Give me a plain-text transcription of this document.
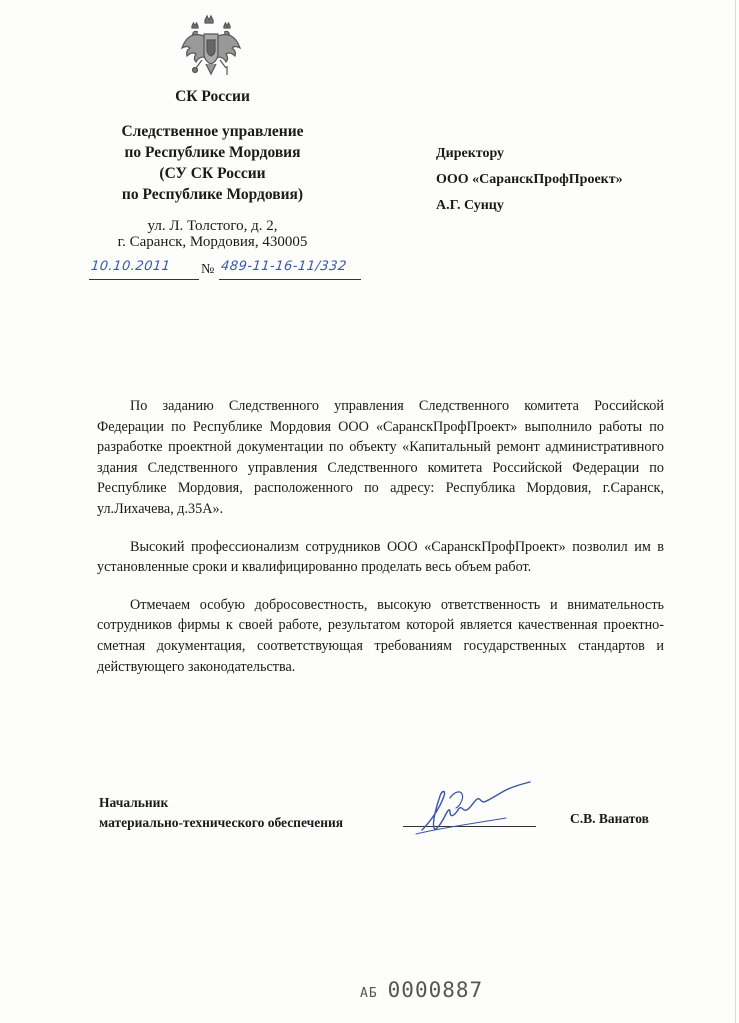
СК России
Следственное управление
по Республике Мордовия
(СУ СК России
по Республике Мордовия)
ул. Л. Толстого, д. 2,
г. Саранск, Мордовия, 430005
10.10.2011 № 489-11-16-11/332
Директору
ООО «СаранскПрофПроект»
А.Г. Сунцу

По заданию Следственного управления Следственного комитета Российской Федерации по Республике Мордовия ООО «СаранскПрофПроект» выполнило работы по разработке проектной документации по объекту «Капитальный ремонт административного здания Следственного управления Следственного комитета Российской Федерации по Республике Мордовия, расположенного по адресу: Республика Мордовия, г.Саранск, ул.Лихачева, д.35А».

Высокий профессионализм сотрудников ООО «СаранскПрофПроект» позволил им в установленные сроки и квалифицированно проделать весь объем работ.

Отмечаем особую добросовестность, высокую ответственность и внимательность сотрудников фирмы к своей работе, результатом которой является качественная проектно-сметная документация, соответствующая требованиям государственных стандартов и действующего законодательства.

Начальник
материально-технического обеспечения	С.В. Ванатов
АБ 0000887
